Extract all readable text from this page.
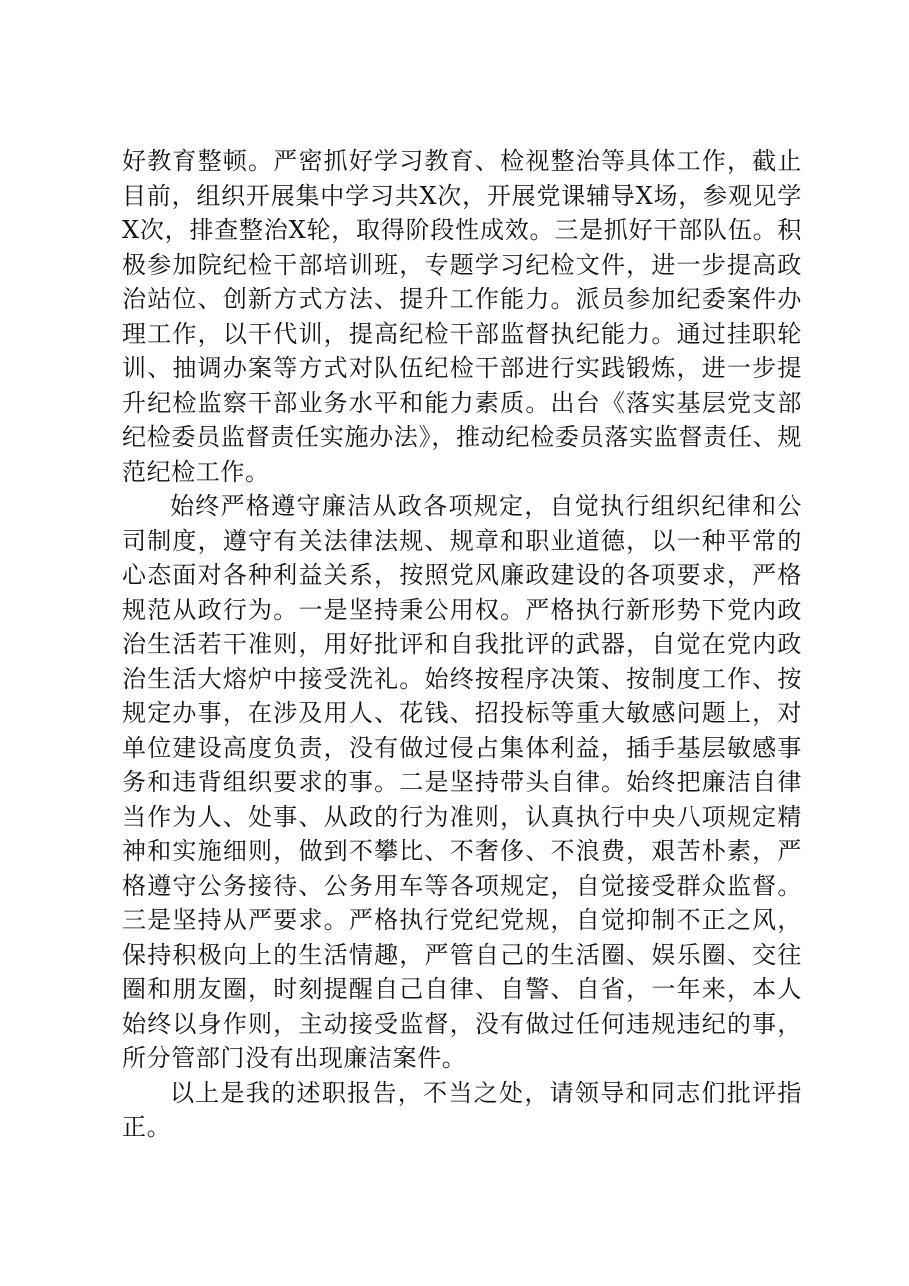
好教育整顿。严密抓好学习教育、检视整治等具体工作，截止目前，组织开展集中学习共X次，开展党课辅导X场，参观见学X次，排查整治X轮，取得阶段性成效。三是抓好干部队伍。积极参加院纪检干部培训班，专题学习纪检文件，进一步提高政治站位、创新方式方法、提升工作能力。派员参加纪委案件办理工作，以干代训，提高纪检干部监督执纪能力。通过挂职轮训、抽调办案等方式对队伍纪检干部进行实践锻炼，进一步提升纪检监察干部业务水平和能力素质。出台《落实基层党支部纪检委员监督责任实施办法》，推动纪检委员落实监督责任、规范纪检工作。

始终严格遵守廉洁从政各项规定，自觉执行组织纪律和公司制度，遵守有关法律法规、规章和职业道德，以一种平常的心态面对各种利益关系，按照党风廉政建设的各项要求，严格规范从政行为。一是坚持秉公用权。严格执行新形势下党内政治生活若干准则，用好批评和自我批评的武器，自觉在党内政治生活大熔炉中接受洗礼。始终按程序决策、按制度工作、按规定办事，在涉及用人、花钱、招投标等重大敏感问题上，对单位建设高度负责，没有做过侵占集体利益，插手基层敏感事务和违背组织要求的事。二是坚持带头自律。始终把廉洁自律当作为人、处事、从政的行为准则，认真执行中央八项规定精神和实施细则，做到不攀比、不奢侈、不浪费，艰苦朴素，严格遵守公务接待、公务用车等各项规定，自觉接受群众监督。三是坚持从严要求。严格执行党纪党规，自觉抑制不正之风，保持积极向上的生活情趣，严管自己的生活圈、娱乐圈、交往圈和朋友圈，时刻提醒自己自律、自警、自省，一年来，本人始终以身作则，主动接受监督，没有做过任何违规违纪的事，所分管部门没有出现廉洁案件。

以上是我的述职报告，不当之处，请领导和同志们批评指正。
